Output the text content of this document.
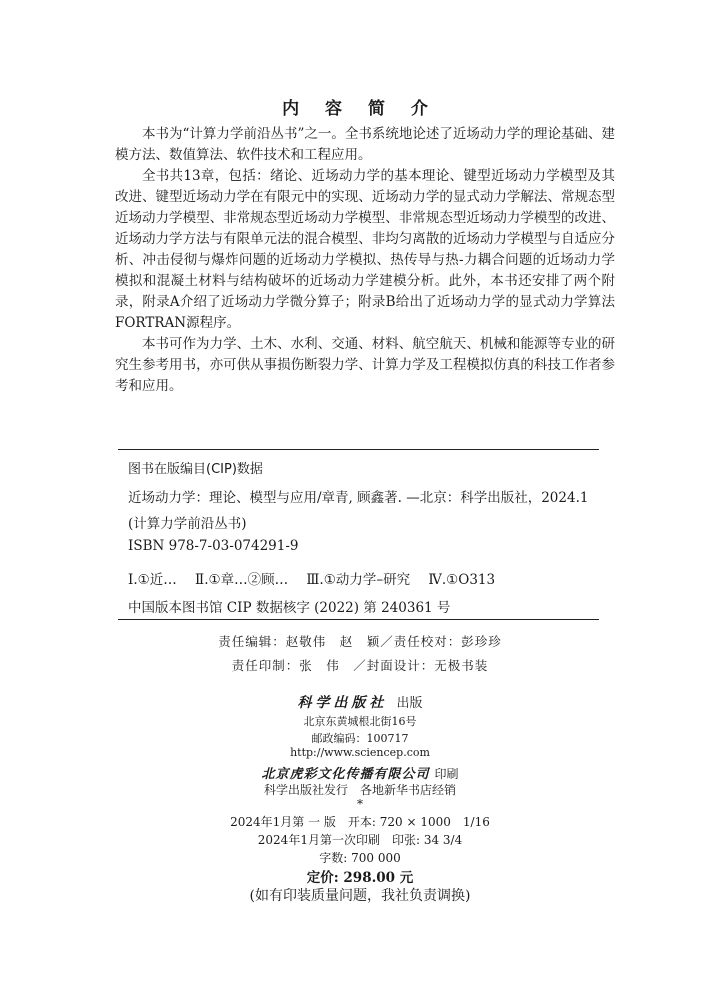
内 容 简 介

本书为“计算力学前沿丛书”之一。全书系统地论述了近场动力学的理论基础、建模方法、数值算法、软件技术和工程应用。

全书共13章，包括：绪论、近场动力学的基本理论、键型近场动力学模型及其改进、键型近场动力学在有限元中的实现、近场动力学的显式动力学解法、常规态型近场动力学模型、非常规态型近场动力学模型、非常规态型近场动力学模型的改进、近场动力学方法与有限单元法的混合模型、非均匀离散的近场动力学模型与自适应分析、冲击侵彻与爆炸问题的近场动力学模拟、热传导与热-力耦合问题的近场动力学模拟和混凝土材料与结构破坏的近场动力学建模分析。此外，本书还安排了两个附录，附录A介绍了近场动力学微分算子；附录B给出了近场动力学的显式动力学算法FORTRAN源程序。

本书可作为力学、土木、水利、交通、材料、航空航天、机械和能源等专业的研究生参考用书，亦可供从事损伤断裂力学、计算力学及工程模拟仿真的科技工作者参考和应用。

图书在版编目(CIP)数据
近场动力学：理论、模型与应用/章青, 顾鑫著. —北京：科学出版社，2024.1
(计算力学前沿丛书)
ISBN 978-7-03-074291-9
Ⅰ.①近… Ⅱ.①章…②顾… Ⅲ.①动力学–研究 Ⅳ.①O313
中国版本图书馆 CIP 数据核字 (2022) 第 240361 号
责任编辑：赵敬伟　赵　颖／责任校对：彭珍珍
责任印制：张　伟　／封面设计：无极书装
科学出版社 出版
北京东黄城根北街16号
邮政编码：100717
http://www.sciencep.com
北京虎彩文化传播有限公司 印刷
科学出版社发行　各地新华书店经销
*
2024年1月第 一 版　开本: 720 × 1000　1/16
2024年1月第一次印刷　印张: 34 3/4
字数: 700 000
定价: 298.00 元
(如有印装质量问题，我社负责调换)
